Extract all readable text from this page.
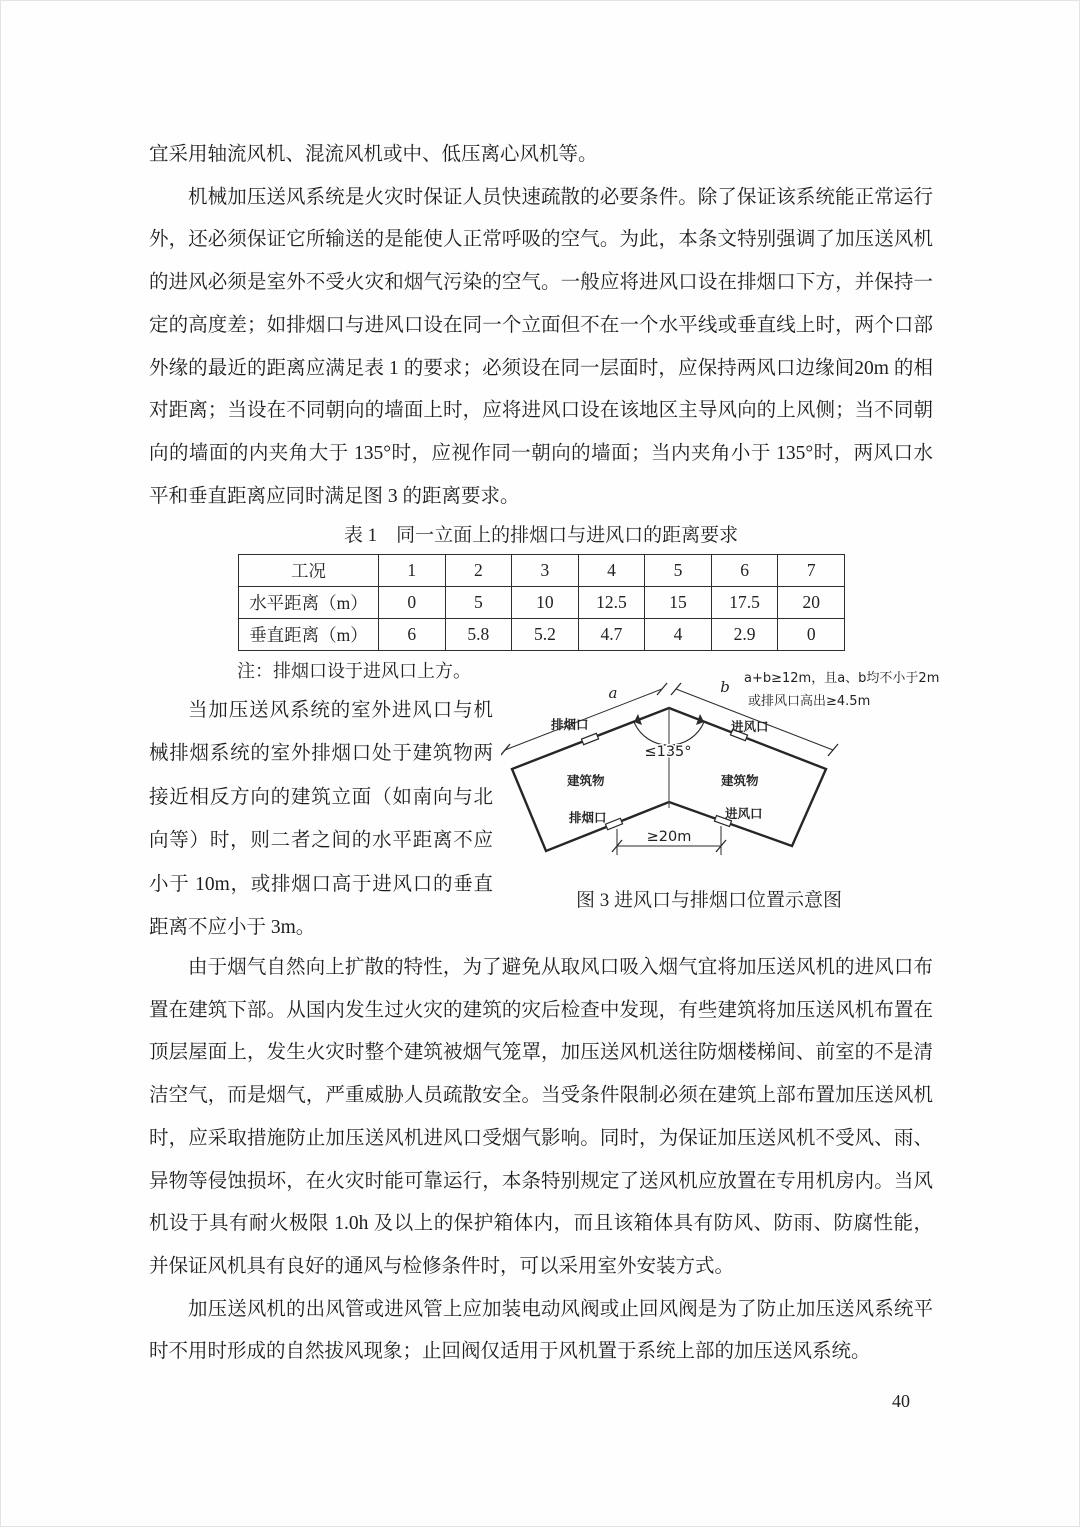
宜采用轴流风机、混流风机或中、低压离心风机等。

机械加压送风系统是火灾时保证人员快速疏散的必要条件。除了保证该系统能正常运行外，还必须保证它所输送的是能使人正常呼吸的空气。为此，本条文特别强调了加压送风机的进风必须是室外不受火灾和烟气污染的空气。一般应将进风口设在排烟口下方，并保持一定的高度差；如排烟口与进风口设在同一个立面但不在一个水平线或垂直线上时，两个口部外缘的最近的距离应满足表 1 的要求；必须设在同一层面时，应保持两风口边缘间20m 的相对距离；当设在不同朝向的墙面上时，应将进风口设在该地区主导风向的上风侧；当不同朝向的墙面的内夹角大于 135°时，应视作同一朝向的墙面；当内夹角小于 135°时，两风口水平和垂直距离应同时满足图 3 的距离要求。

表 1　同一立面上的排烟口与进风口的距离要求
工况	1	2	3	4	5	6	7
水平距离（m）	0	5	10	12.5	15	17.5	20
垂直距离（m）	6	5.8	5.2	4.7	4	2.9	0
注：排烟口设于进风口上方。

当加压送风系统的室外进风口与机械排烟系统的室外排烟口处于建筑物两接近相反方向的建筑立面（如南向与北向等）时，则二者之间的水平距离不应小于 10m，或排烟口高于进风口的垂直距离不应小于 3m。

≤135°
a	b
≥20m
排烟口	进风口
建筑物	建筑物
排烟口	进风口
a+b≥12m，且a、b均不小于2m
或排风口高出≥4.5m
图 3 进风口与排烟口位置示意图

由于烟气自然向上扩散的特性，为了避免从取风口吸入烟气宜将加压送风机的进风口布置在建筑下部。从国内发生过火灾的建筑的灾后检查中发现，有些建筑将加压送风机布置在顶层屋面上，发生火灾时整个建筑被烟气笼罩，加压送风机送往防烟楼梯间、前室的不是清洁空气，而是烟气，严重威胁人员疏散安全。当受条件限制必须在建筑上部布置加压送风机时，应采取措施防止加压送风机进风口受烟气影响。同时，为保证加压送风机不受风、雨、异物等侵蚀损坏，在火灾时能可靠运行，本条特别规定了送风机应放置在专用机房内。当风机设于具有耐火极限 1.0h 及以上的保护箱体内，而且该箱体具有防风、防雨、防腐性能，并保证风机具有良好的通风与检修条件时，可以采用室外安装方式。

加压送风机的出风管或进风管上应加装电动风阀或止回风阀是为了防止加压送风系统平时不用时形成的自然拔风现象；止回阀仅适用于风机置于系统上部的加压送风系统。

40
